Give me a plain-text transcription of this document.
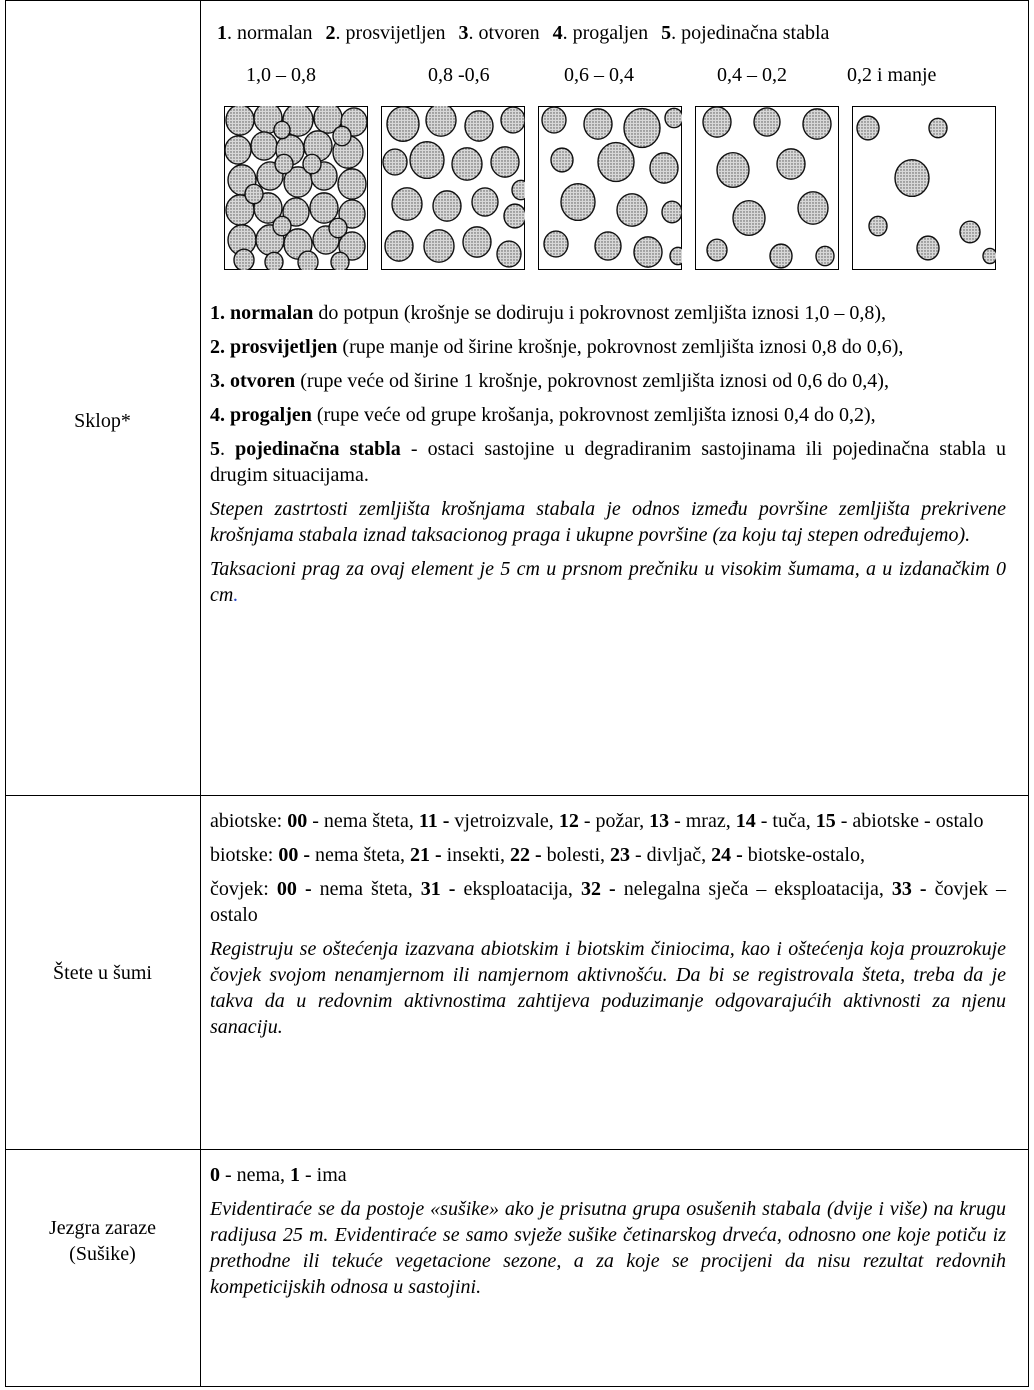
Sklop*
1. normalan 2. prosvijetljen 3. otvoren 4. progaljen 5. pojedinačna stabla
1,0 – 0,8	0,8 -0,6	0,6 – 0,4	0,4 – 0,2	0,2 i manje

1. normalan do potpun (krošnje se dodiruju i pokrovnost zemljišta iznosi 1,0 – 0,8),

2. prosvijetljen (rupe manje od širine krošnje, pokrovnost zemljišta iznosi 0,8 do 0,6),

3. otvoren (rupe veće od širine 1 krošnje, pokrovnost zemljišta iznosi od 0,6 do 0,4),

4. progaljen (rupe veće od grupe krošanja, pokrovnost zemljišta iznosi 0,4 do 0,2),

5. pojedinačna stabla - ostaci sastojine u degradiranim sastojinama ili pojedinačna stabla u drugim situacijama.

Stepen zastrtosti zemljišta krošnjama stabala je odnos između površine zemljišta prekrivene krošnjama stabala iznad taksacionog praga i ukupne površine (za koju taj stepen određujemo).

Taksacioni prag za ovaj element je 5 cm u prsnom prečniku u visokim šumama, a u izdanačkim 0 cm.

Štete u šumi

abiotske: 00 - nema šteta, 11 - vjetroizvale, 12 - požar, 13 - mraz, 14 - tuča, 15 - abiotske - ostalo

biotske: 00 - nema šteta, 21 - insekti, 22 - bolesti, 23 - divljač, 24 - biotske-ostalo,

čovjek: 00 - nema šteta, 31 - eksploatacija, 32 - nelegalna sječa – eksploatacija, 33 - čovjek – ostalo

Registruju se oštećenja izazvana abiotskim i biotskim činiocima, kao i oštećenja koja prouzrokuje čovjek svojom nenamjernom ili namjernom aktivnošću. Da bi se registrovala šteta, treba da je takva da u redovnim aktivnostima zahtijeva poduzimanje odgovarajućih aktivnosti za njenu sanaciju.

Jezgra zaraze
(Sušike)

0 - nema, 1 - ima

Evidentiraće se da postoje «sušike» ako je prisutna grupa osušenih stabala (dvije i više) na krugu radijusa 25 m. Evidentiraće se samo svježe sušike četinarskog drveća, odnosno one koje potiču iz prethodne ili tekuće vegetacione sezone, a za koje se procijeni da nisu rezultat redovnih kompeticijskih odnosa u sastojini.
